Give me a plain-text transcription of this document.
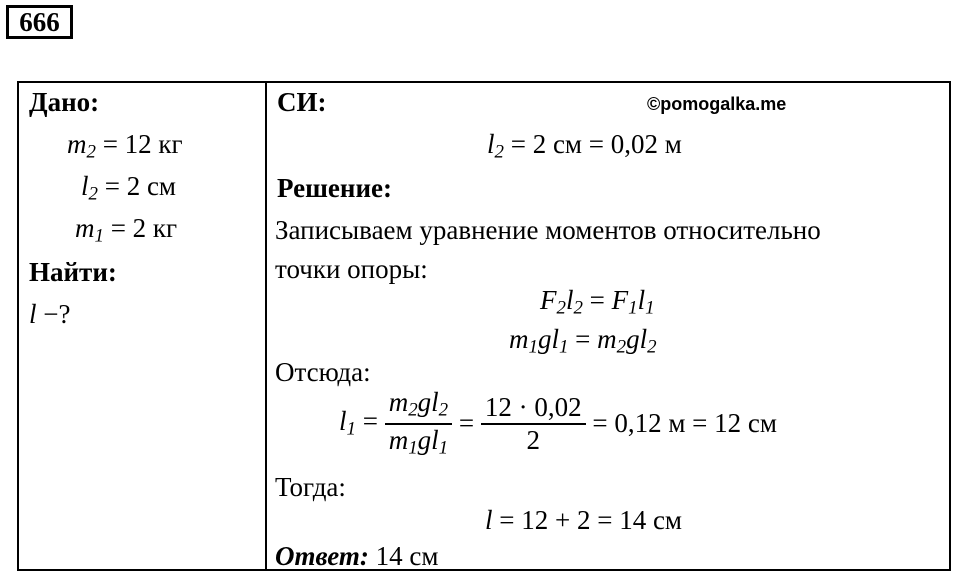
666
Дано:
$m_2 = 12$ кг
$l_2 = 2$ см
$m_1 = 2$ кг
Найти:
l −?
СИ:	©pomogalka.me
$l_2 = 2$ см = 0,02 м
Решение:
Записываем уравнение моментов относительно
точки опоры:
$F_2l_2 = F_1l_1$
$m_1gl_1 = m_2gl_2$
Отсюда:
$l_1 = \frac{m_2gl_2}{m_1gl_1} = \frac{12 \cdot 0,02}{2}$
= 0,12 м = 12 см
Тогда:
l = 12 + 2 = 14 см
Ответ: 14 см
